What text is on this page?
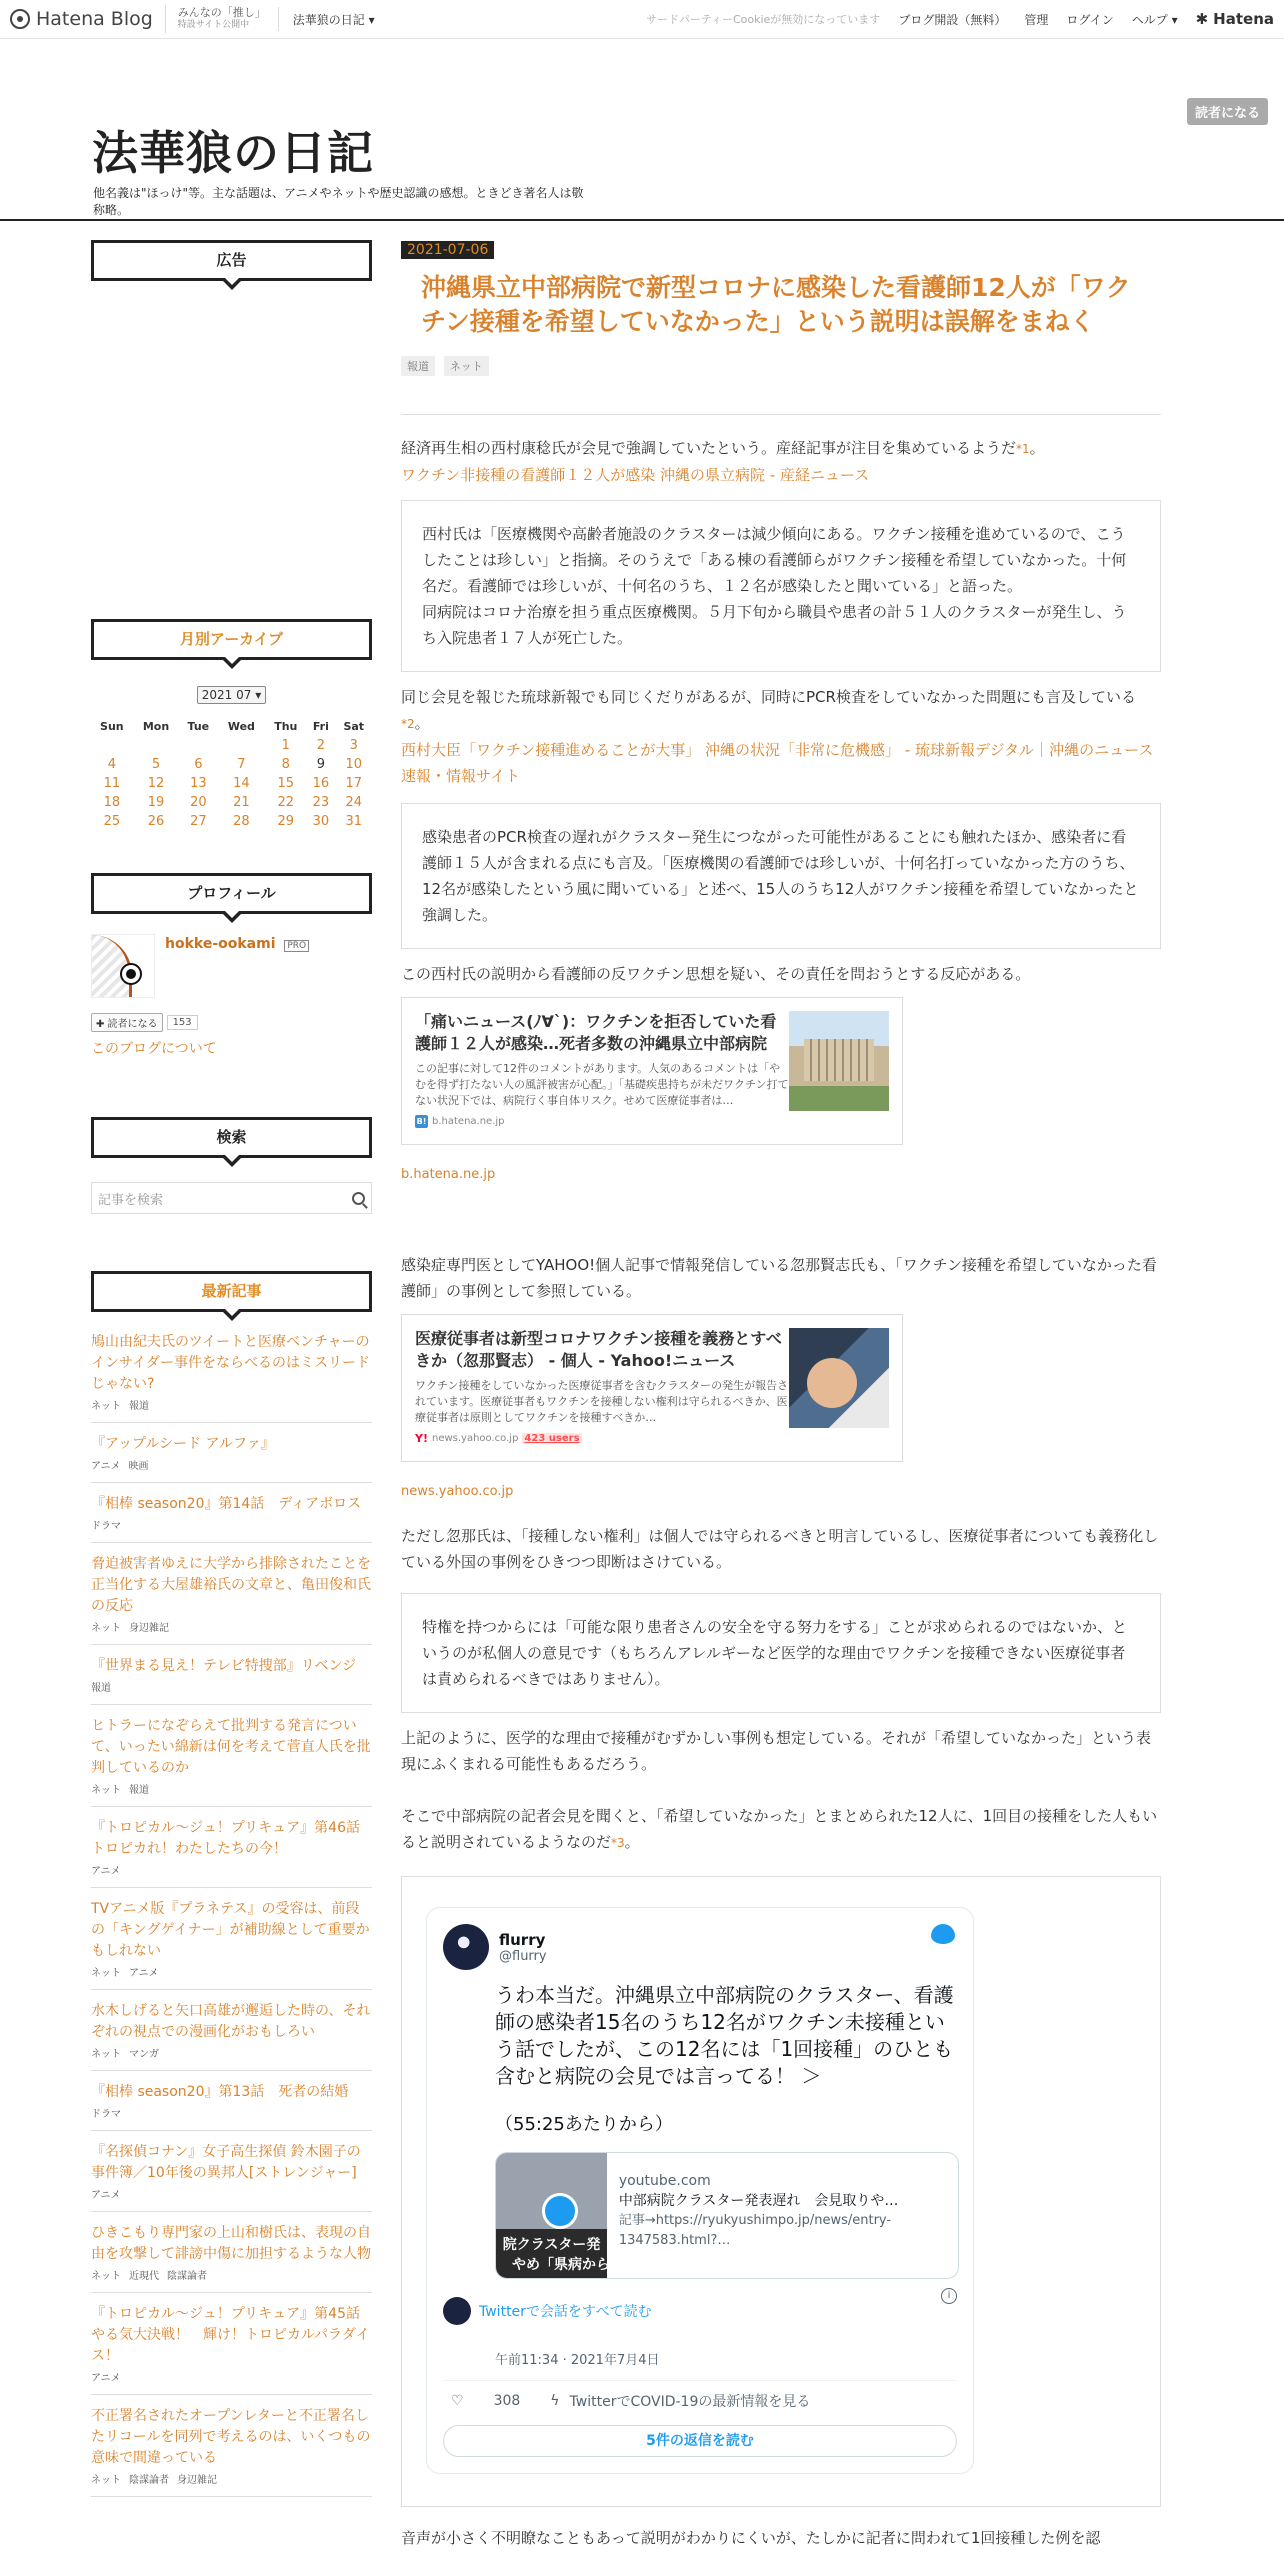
Hatena Blog みんなの「推し」
特設サイト公開中	法華狼の日記 ▾	サードパーティーCookieが無効になっています ブログ開設（無料） 管理 ログイン ヘルプ ▾ ✱ Hatena
法華狼の日記
他名義は"ほっけ"等。主な話題は、アニメやネットや歴史認識の感想。ときどき著名人は敬称略。
読者になる
広告
月別アーカイブ
2021 07 ▾
Sun	Mon	Tue	Wed	Thu	Fri	Sat
				1	2	3
4	5	6	7	8	9	10
11	12	13	14	15	16	17
18	19	20	21	22	23	24
25	26	27	28	29	30	31
プロフィール
hokke-ookami PRO
✚ 読者になる	153
このブログについて
検索
記事を検索
最新記事
鳩山由紀夫氏のツイートと医療ベンチャーのインサイダー事件をならべるのはミスリードじゃない?
ネット 報道
『アップルシード アルファ』
アニメ 映画
『相棒 season20』第14話　ディアボロス
ドラマ
脅迫被害者ゆえに大学から排除されたことを正当化する大屋雄裕氏の文章と、亀田俊和氏の反応
ネット 身辺雑記
『世界まる見え！テレビ特捜部』リベンジ
報道
ヒトラーになぞらえて批判する発言について、いったい綿新は何を考えて菅直人氏を批判しているのか
ネット 報道
『トロピカル～ジュ！プリキュア』第46話　トロピカれ！わたしたちの今！
アニメ
TVアニメ版『プラネテス』の受容は、前段の「キングゲイナー」が補助線として重要かもしれない
ネット アニメ
水木しげると矢口高雄が邂逅した時の、それぞれの視点での漫画化がおもしろい
ネット マンガ
『相棒 season20』第13話　死者の結婚
ドラマ
『名探偵コナン』女子高生探偵 鈴木園子の事件簿／10年後の異邦人[ストレンジャー]
アニメ
ひきこもり専門家の上山和樹氏は、表現の自由を攻撃して誹謗中傷に加担するような人物
ネット 近現代 陰謀論者
『トロピカル～ジュ！プリキュア』第45話　やる気大決戦！　輝け！トロピカルパラダイス！
アニメ
不正署名されたオープンレターと不正署名したリコールを同列で考えるのは、いくつもの意味で間違っている
ネット 陰謀論者 身辺雑記
2021-07-06
沖縄県立中部病院で新型コロナに感染した看護師12人が「ワクチン接種を希望していなかった」という説明は誤解をまねく
報道 ネット

経済再生相の西村康稔氏が会見で強調していたという。産経記事が注目を集めているようだ*1。
ワクチン非接種の看護師１２人が感染 沖縄の県立病院 - 産経ニュース

西村氏は「医療機関や高齢者施設のクラスターは減少傾向にある。ワクチン接種を進めているので、こうしたことは珍しい」と指摘。そのうえで「ある棟の看護師らがワクチン接種を希望していなかった。十何名だ。看護師では珍しいが、十何名のうち、１２名が感染したと聞いている」と語った。
同病院はコロナ治療を担う重点医療機関。５月下旬から職員や患者の計５１人のクラスターが発生し、うち入院患者１７人が死亡した。

同じ会見を報じた琉球新報でも同じくだりがあるが、同時にPCR検査をしていなかった問題にも言及している*2。
西村大臣「ワクチン接種進めることが大事」 沖縄の状況「非常に危機感」 - 琉球新報デジタル｜沖縄のニュース速報・情報サイト

感染患者のPCR検査の遅れがクラスター発生につながった可能性があることにも触れたほか、感染者に看護師１５人が含まれる点にも言及。「医療機関の看護師では珍しいが、十何名打っていなかった方のうち、12名が感染したという風に聞いている」と述べ、15人のうち12人がワクチン接種を希望していなかったと強調した。

この西村氏の説明から看護師の反ワクチン思想を疑い、その責任を問おうとする反応がある。

「痛いニュース(ﾉ∀`)：ワクチンを拒否していた看護師１２人が感染…死者多数の沖縄県立中部病院
この記事に対して12件のコメントがあります。人気のあるコメントは「やむを得ず打たない人の風評被害が心配。」「基礎疾患持ちが未だワクチン打てない状況下では、病院行く事自体リスク。せめて医療従事者は…
B! b.hatena.ne.jp
b.hatena.ne.jp

感染症専門医としてYAHOO!個人記事で情報発信している忽那賢志氏も、「ワクチン接種を希望していなかった看護師」の事例として参照している。

医療従事者は新型コロナワクチン接種を義務とすべきか（忽那賢志） - 個人 - Yahoo!ニュース
ワクチン接種をしていなかった医療従事者を含むクラスターの発生が報告されています。医療従事者もワクチンを接種しない権利は守られるべきか、医療従事者は原則としてワクチンを接種すべきか…
Y! news.yahoo.co.jp 423 users
news.yahoo.co.jp

ただし忽那氏は、「接種しない権利」は個人では守られるべきと明言しているし、医療従事者についても義務化している外国の事例をひきつつ即断はさけている。

特権を持つからには「可能な限り患者さんの安全を守る努力をする」ことが求められるのではないか、というのが私個人の意見です（もちろんアレルギーなど医学的な理由でワクチンを接種できない医療従事者は責められるべきではありません）。

上記のように、医学的な理由で接種がむずかしい事例も想定している。それが「希望していなかった」という表現にふくまれる可能性もあるだろう。

そこで中部病院の記者会見を聞くと、「希望していなかった」とまとめられた12人に、1回目の接種をした人もいると説明されているようなのだ*3。

flurry
@flurry
うわ本当だ。沖縄県立中部病院のクラスター、看護師の感染者15名のうち12名がワクチン未接種という話でしたが、この12名には「1回接種」のひとも含むと病院の会見では言ってる！ ＞
（55:25あたりから）
院クラスター発 りやめ「県病から
youtube.com
中部病院クラスター発表遅れ　会見取りや…
記事→https://ryukyushimpo.jp/news/entry-1347583.html?…
Twitterで会話をすべて読む
午前11:34 · 2021年7月4日
i
♡ 308 ϟ TwitterでCOVID-19の最新情報を見る
5件の返信を読む

音声が小さく不明瞭なこともあって説明がわかりにくいが、たしかに記者に問われて1回接種した例を認
